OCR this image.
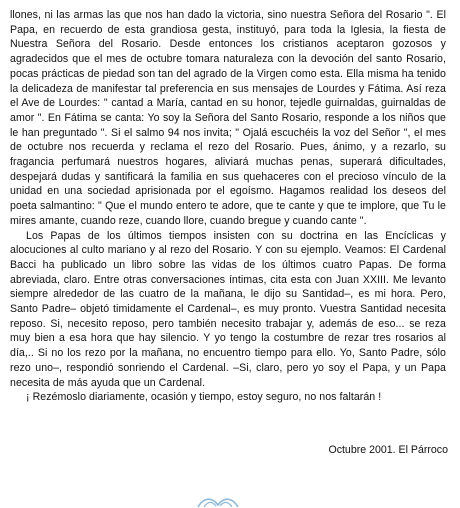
llones, ni las armas las que nos han dado la victoria, sino nuestra Señora del Rosario ". El Papa, en recuerdo de esta grandiosa gesta, instituyó, para toda la Iglesia, la fiesta de Nuestra Señora del Rosario. Desde entonces los cristianos aceptaron gozosos y agradecidos que el mes de octubre tomara naturaleza con la devoción del santo Rosario, pocas prácticas de piedad son tan del agrado de la Virgen como esta. Ella misma ha tenido la delicadeza de manifestar tal preferencia en sus mensajes de Lourdes y Fátima. Así reza el Ave de Lourdes: " cantad a María, cantad en su honor, tejedle guirnaldas, guirnaldas de amor ". En Fátima se canta: Yo soy la Señora del Santo Rosario, responde a los niños que le han preguntado ". Si el salmo 94 nos invita; " Ojalá escuchéis la voz del Señor ", el mes de octubre nos recuerda y reclama el rezo del Rosario. Pues, ánimo, y a rezarlo, su fragancia perfumará nuestros hogares, aliviará muchas penas, superará dificultades, despejará dudas y santificará la familia en sus quehaceres con el precioso vínculo de la unidad en una sociedad aprisionada por el egoísmo. Hagamos realidad los deseos del poeta salmantino: " Que el mundo entero te adore, que te cante y que te implore, que Tu le mires amante, cuando reze, cuando llore, cuando bregue y cuando cante ".

Los Papas de los últimos tiempos insisten con su doctrina en las Encíclicas y alocuciones al culto mariano y al rezo del Rosario. Y con su ejemplo. Veamos: El Cardenal Bacci ha publicado un libro sobre las vidas de los últimos cuatro Papas. De forma abreviada, claro. Entre otras conversaciones íntimas, cita esta con Juan XXIII. Me levanto siempre alrededor de las cuatro de la mañana, le dijo su Santidad–, es mi hora. Pero, Santo Padre– objetó timidamente el Cardenal–, es muy pronto. Vuestra Santidad necesita reposo. Si, necesito reposo, pero también necesito trabajar y, además de eso... se reza muy bien a esa hora que hay silencio. Y yo tengo la costumbre de rezar tres rosarios al día,.. Si no los rezo por la mañana, no encuentro tiempo para ello. Yo, Santo Padre, sólo rezo uno–, respondió sonriendo el Cardenal. –Si, claro, pero yo soy el Papa, y un Papa necesita de más ayuda que un Cardenal.

¡ Rezémoslo diariamente, ocasión y tiempo, estoy seguro, no nos faltarán !

Octubre 2001. El Párroco
